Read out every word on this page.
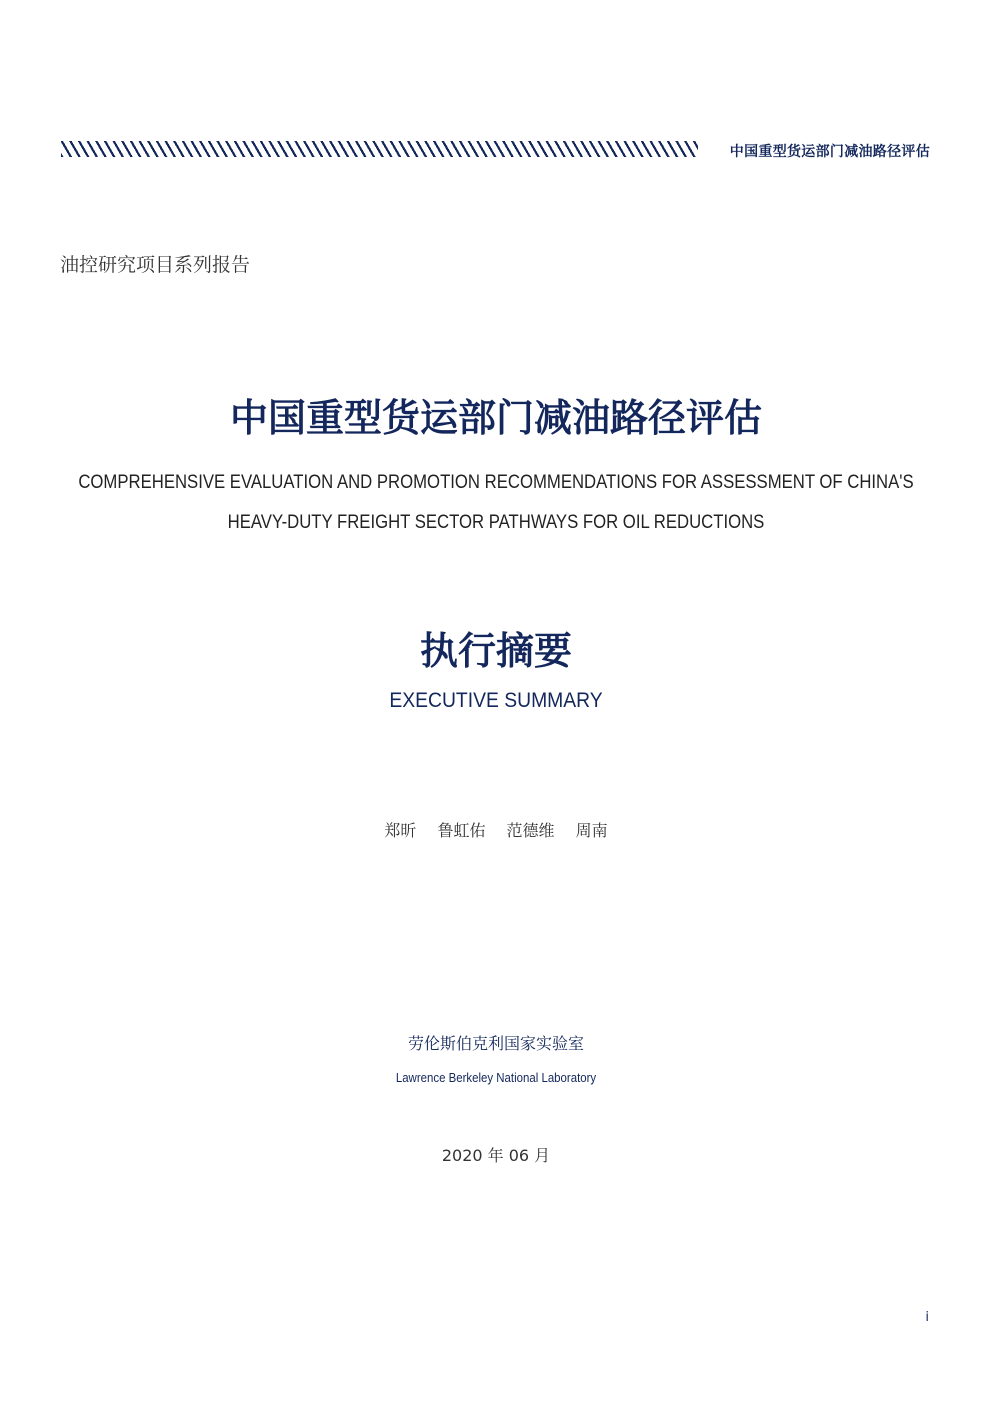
中国重型货运部门减油路径评估
油控研究项目系列报告
中国重型货运部门减油路径评估
COMPREHENSIVE EVALUATION AND PROMOTION RECOMMENDATIONS FOR ASSESSMENT OF CHINA'S
HEAVY-DUTY FREIGHT SECTOR PATHWAYS FOR OIL REDUCTIONS
执行摘要
EXECUTIVE SUMMARY
郑昕 鲁虹佑 范德维 周南
劳伦斯伯克利国家实验室
Lawrence Berkeley National Laboratory
2020 年 06 月
i
